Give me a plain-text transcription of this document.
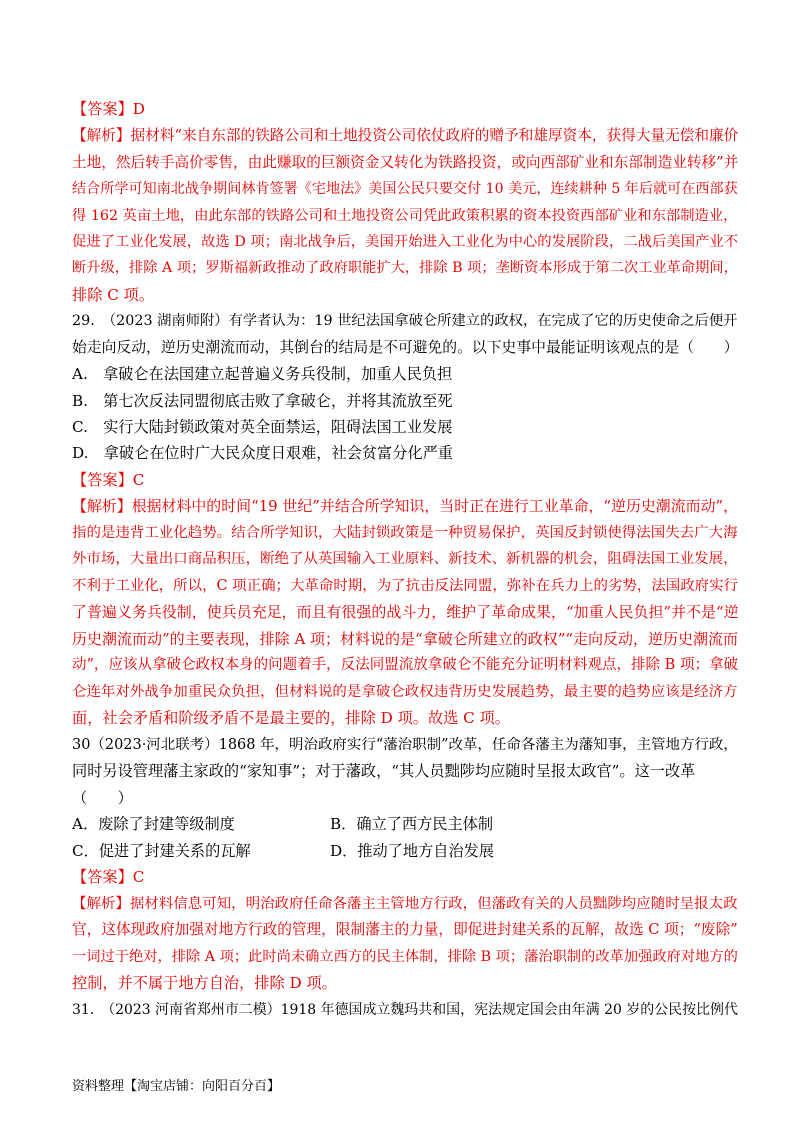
【答案】D
【解析】据材料“来自东部的铁路公司和土地投资公司依仗政府的赠予和雄厚资本，获得大量无偿和廉价
土地，然后转手高价零售，由此赚取的巨额资金又转化为铁路投资，或向西部矿业和东部制造业转移”并
结合所学可知南北战争期间林肯签署《宅地法》美国公民只要交付 10 美元，连续耕种 5 年后就可在西部获
得 162 英亩土地，由此东部的铁路公司和土地投资公司凭此政策积累的资本投资西部矿业和东部制造业，
促进了工业化发展，故选 D 项；南北战争后，美国开始进入工业化为中心的发展阶段，二战后美国产业不
断升级，排除 A 项；罗斯福新政推动了政府职能扩大，排除 B 项；垄断资本形成于第二次工业革命期间，
排除 C 项。
29.　（2023 湖南师附）有学者认为：19 世纪法国拿破仑所建立的政权，在完成了它的历史使命之后便开
始走向反动，逆历史潮流而动，其倒台的结局是不可避免的。以下史事中最能证明该观点的是（　　）
A.　拿破仑在法国建立起普遍义务兵役制，加重人民负担
B.　第七次反法同盟彻底击败了拿破仑，并将其流放至死
C.　实行大陆封锁政策对英全面禁运，阻碍法国工业发展
D.　拿破仑在位时广大民众度日艰难，社会贫富分化严重
【答案】C
【解析】根据材料中的时间“19 世纪”并结合所学知识，当时正在进行工业革命，“逆历史潮流而动”，
指的是违背工业化趋势。结合所学知识，大陆封锁政策是一种贸易保护，英国反封锁使得法国失去广大海
外市场，大量出口商品积压，断绝了从英国输入工业原料、新技术、新机器的机会，阻碍法国工业发展，
不利于工业化，所以，C 项正确；大革命时期，为了抗击反法同盟，弥补在兵力上的劣势，法国政府实行
了普遍义务兵役制，使兵员充足，而且有很强的战斗力，维护了革命成果，“加重人民负担”并不是“逆
历史潮流而动”的主要表现，排除 A 项；材料说的是“拿破仑所建立的政权”“走向反动，逆历史潮流而
动”，应该从拿破仑政权本身的问题着手，反法同盟流放拿破仑不能充分证明材料观点，排除 B 项；拿破
仑连年对外战争加重民众负担，但材料说的是拿破仑政权违背历史发展趋势，最主要的趋势应该是经济方
面，社会矛盾和阶级矛盾不是最主要的，排除 D 项。故选 C 项。
30（2023·河北联考）1868 年，明治政府实行“藩治职制”改革，任命各藩主为藩知事，主管地方行政，
同时另设管理藩主家政的“家知事”；对于藩政，“其人员黜陟均应随时呈报太政官”。这一改革
（　　）
A．废除了封建等级制度	B．确立了西方民主体制
C．促进了封建关系的瓦解	D．推动了地方自治发展
【答案】C
【解析】据材料信息可知，明治政府任命各藩主主管地方行政，但藩政有关的人员黜陟均应随时呈报太政
官，这体现政府加强对地方行政的管理，限制藩主的力量，即促进封建关系的瓦解，故选 C 项；“废除”
一词过于绝对，排除 A 项；此时尚未确立西方的民主体制，排除 B 项；藩治职制的改革加强政府对地方的
控制，并不属于地方自治，排除 D 项。
31.　（2023 河南省郑州市二模）1918 年德国成立魏玛共和国，宪法规定国会由年满 20 岁的公民按比例代
资料整理【淘宝店铺：向阳百分百】
